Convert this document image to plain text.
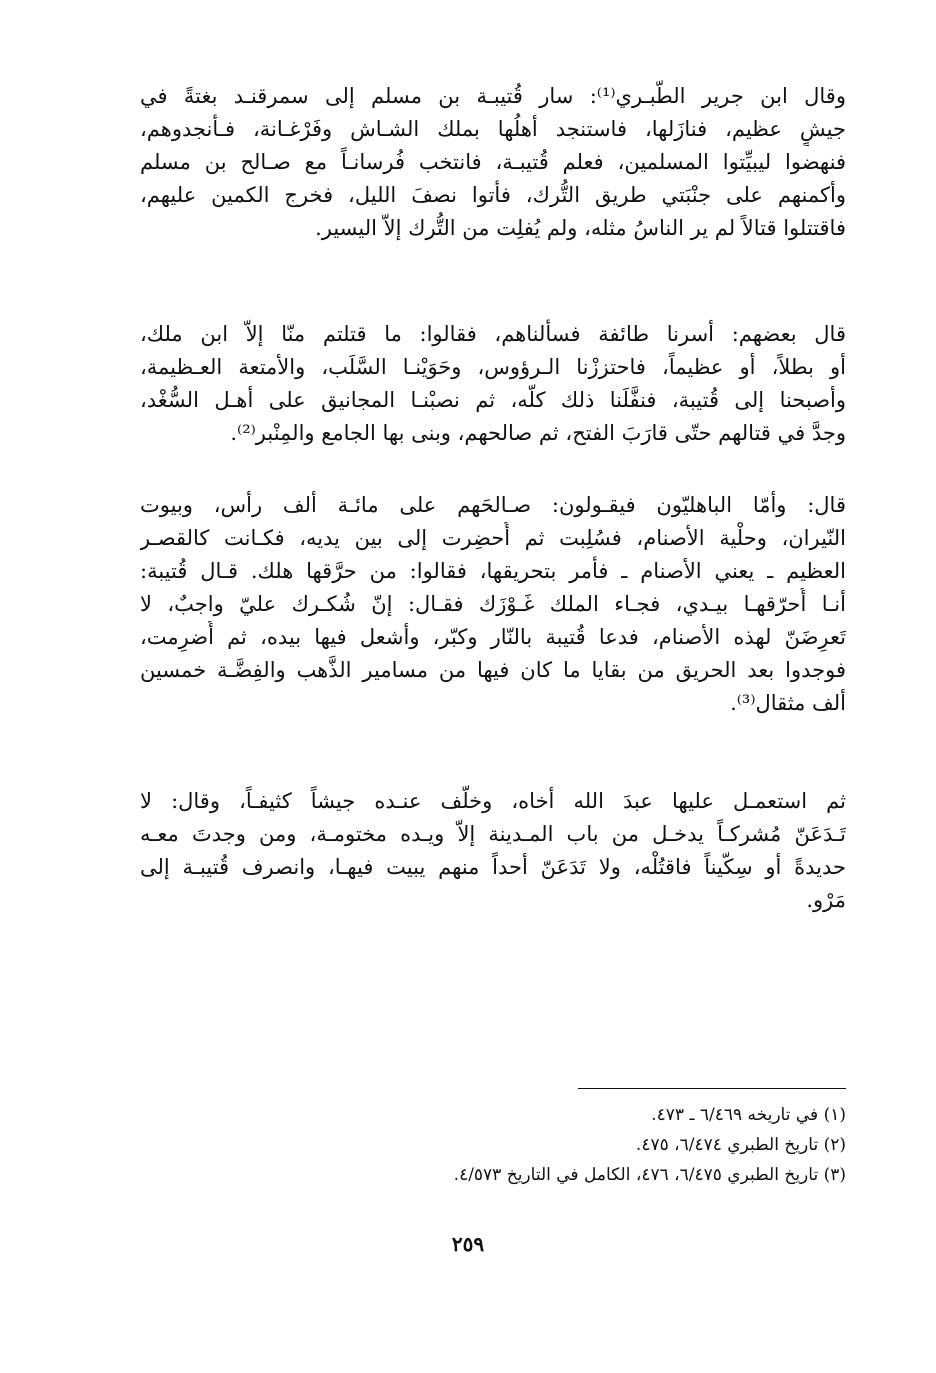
وقال ابن جرير الطَّبـري⁽¹⁾: سار قُتيبـة بن مسلم إلى سمرقنـد بغتةً في
جيشٍ عظيم، فنازَلها، فاستنجد أهلُها بملك الشـاش وفَرْغـانة، فـأنجدوهم،
فنهضوا ليبيِّتوا المسلمين، فعلم قُتيبـة، فانتخب فُرسانـاً مع صـالح بن مسلم
وأكمنهم على جنْبَتي طريق التُّرك، فأتوا نصفَ الليل، فخرج الكمين عليهم،
فاقتتلوا قتالاً لم ير الناسُ مثله، ولم يُفلِت من التُّرك إلاّ اليسير.

قال بعضهم: أسرنا طائفة فسألناهم، فقالوا: ما قتلتم منّا إلاّ ابن ملك،
أو بطلاً، أو عظيماً، فاحتززْنا الـرؤوس، وحَوَيْنـا السَّلَب، والأمتعة العـظيمة،
وأصبحنا إلى قُتيبة، فنفَّلَنا ذلك كلَّه، ثم نصبْنـا المجانيق على أهـل السُّغْد،
وجدَّ في قتالهم حتّى قارَبَ الفتح، ثم صالحهم، وبنى بها الجامع والمِنْبر⁽²⁾.

قال: وأمّا الباهليّون فيقـولون: صـالحَهم على مائـة ألف رأس، وبيوت
النّيران، وحلْية الأصنام، فسُلِبت ثم أُحضِرت إلى بين يديه، فكـانت كالقصـر
العظيم ـ يعني الأصنام ـ فأمر بتحريقها، فقالوا: من حرَّقها هلك. قـال قُتيبة:
أنـا أُحرّقهـا بيـدي، فجـاء الملك غَـوْزَك فقـال: إنّ شُكـرك عليّ واجبٌ، لا
تَعرِضَنّ لهذه الأصنام، فدعا قُتيبة بالنّار وكبّر، وأشعل فيها بيده، ثم أُضرِمت،
فوجدوا بعد الحريق من بقايا ما كان فيها من مسامير الذَّهب والفِضَّـة خمسين
ألف مثقال⁽³⁾.

ثم استعمـل عليها عبدَ الله أخاه، وخلّف عنـده جيشاً كثيفـاً، وقال: لا
تَـدَعَنّ مُشركـاً يدخـل من باب المـدينة إلاّ ويـده مختومـة، ومن وجدتَ معـه
حديدةً أو سِكّيناً فاقتُلْه، ولا تَدَعَنّ أحداً منهم يبيت فيهـا، وانصرف قُتيبـة إلى
مَرْو.

(١) في تاريخه ٦/٤٦٩ ـ ٤٧٣.
(٢) تاريخ الطبري ٦/٤٧٤، ٤٧٥.
(٣) تاريخ الطبري ٦/٤٧٥، ٤٧٦، الكامل في التاريخ ٤/٥٧٣.
٢٥٩
